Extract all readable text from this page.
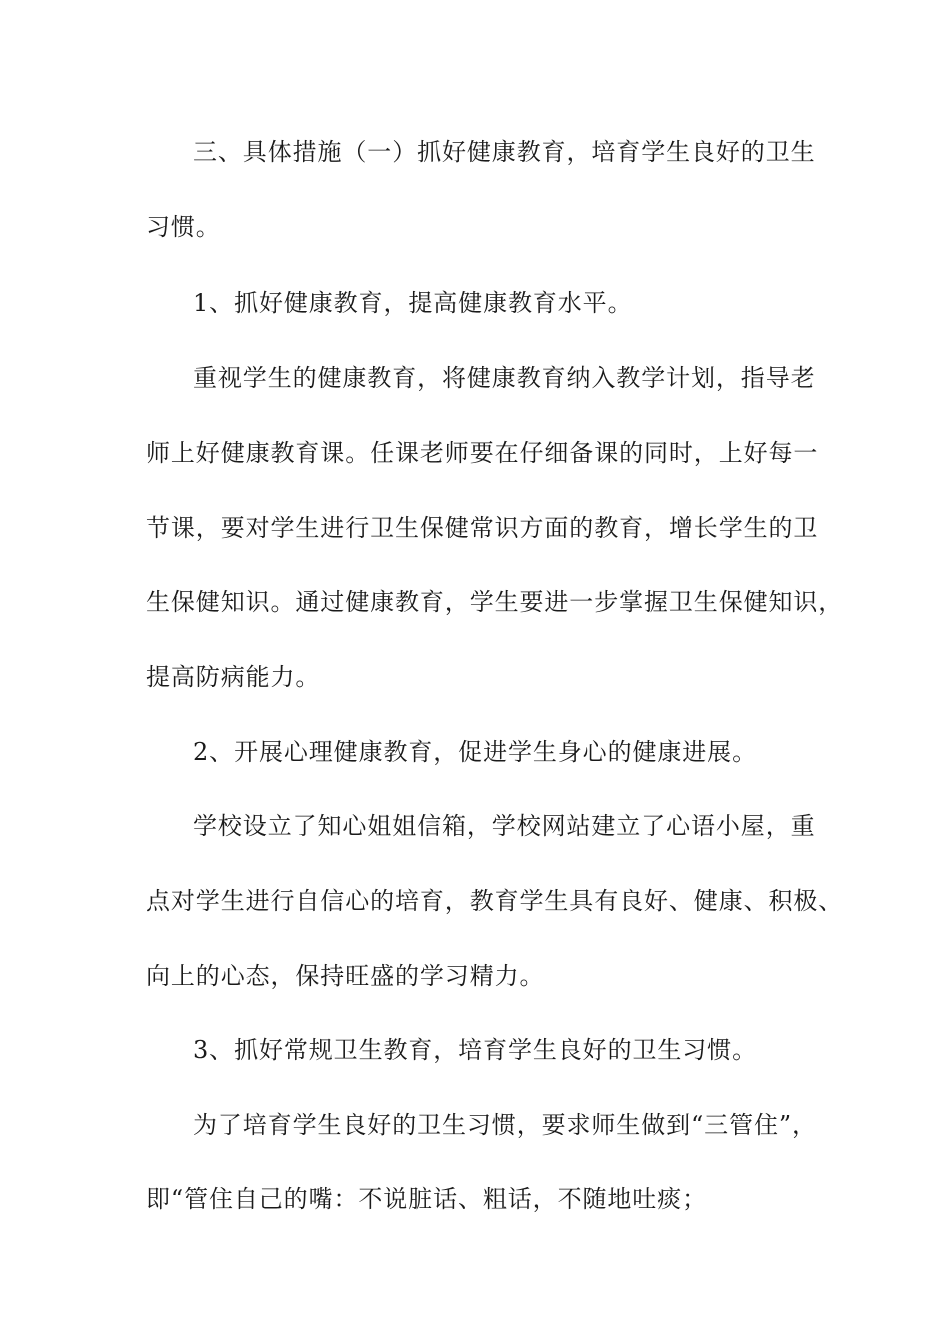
三、具体措施（一）抓好健康教育，培育学生良好的卫生
习惯。
1、抓好健康教育，提高健康教育水平。
重视学生的健康教育，将健康教育纳入教学计划，指导老
师上好健康教育课。任课老师要在仔细备课的同时，上好每一
节课，要对学生进行卫生保健常识方面的教育，增长学生的卫
生保健知识。通过健康教育，学生要进一步掌握卫生保健知识，
提高防病能力。
2、开展心理健康教育，促进学生身心的健康进展。
学校设立了知心姐姐信箱，学校网站建立了心语小屋，重
点对学生进行自信心的培育，教育学生具有良好、健康、积极、
向上的心态，保持旺盛的学习精力。
3、抓好常规卫生教育，培育学生良好的卫生习惯。
为了培育学生良好的卫生习惯，要求师生做到“三管住”，
即“管住自己的嘴：不说脏话、粗话，不随地吐痰；
